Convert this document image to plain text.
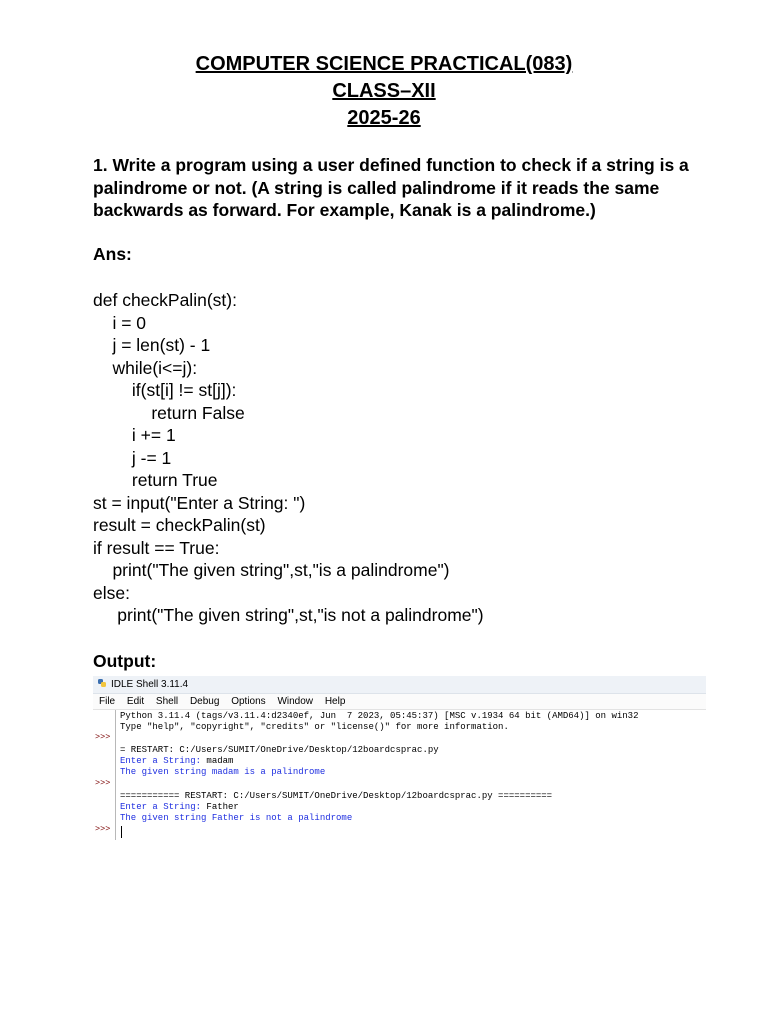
COMPUTER SCIENCE PRACTICAL(083)
CLASS–XII
2025-26
1. Write a program using a user defined function to check if a string is a palindrome or not. (A string is called palindrome if it reads the same backwards as forward. For example, Kanak is a palindrome.)
Ans:
def checkPalin(st):
i = 0
j = len(st) - 1
while(i<=j):
if(st[i] != st[j]):
return False
i += 1
j -= 1
return True
st = input("Enter a String: ")
result = checkPalin(st)
if result == True:
print("The given string",st,"is a palindrome")
else:
print("The given string",st,"is not a palindrome")
Output:
IDLE Shell 3.11.4
File Edit Shell Debug Options Window Help
>>>
>>>
>>>
Python 3.11.4 (tags/v3.11.4:d2340ef, Jun  7 2023, 05:45:37) [MSC v.1934 64 bit (AMD64)] on win32
Type "help", "copyright", "credits" or "license()" for more information.
= RESTART: C:/Users/SUMIT/OneDrive/Desktop/12boardcsprac.py
Enter a String: madam
The given string madam is a palindrome
=========== RESTART: C:/Users/SUMIT/OneDrive/Desktop/12boardcsprac.py ==========
Enter a String: Father
The given string Father is not a palindrome
